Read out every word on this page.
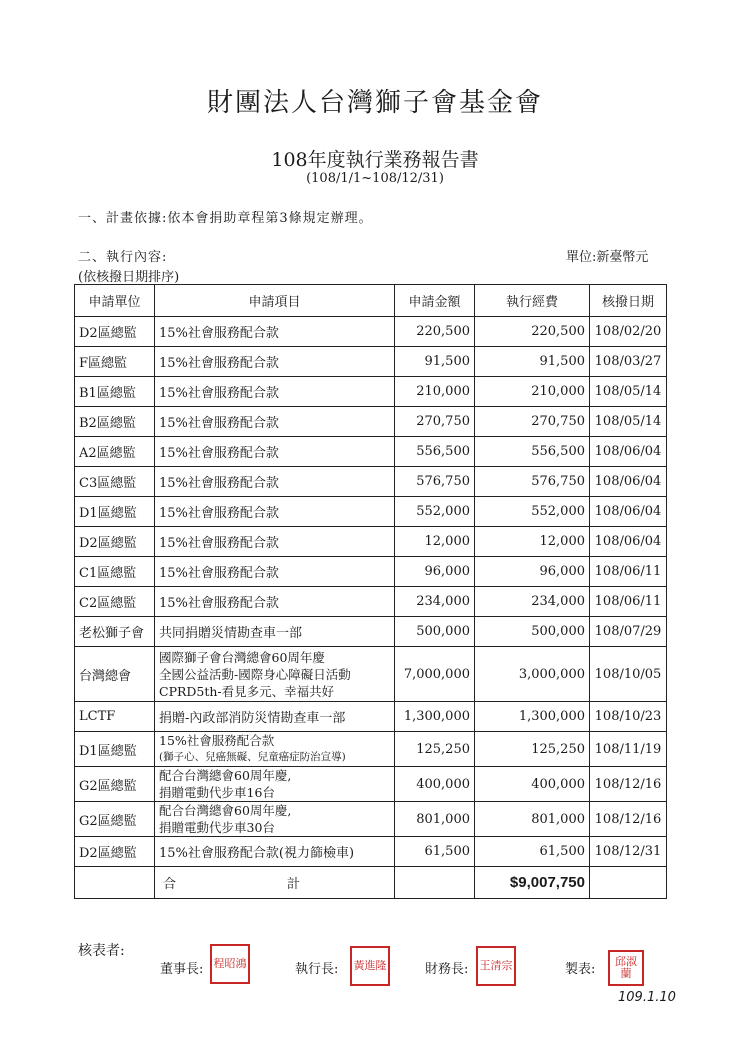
財團法人台灣獅子會基金會
108年度執行業務報告書
(108/1/1~108/12/31)
一、計畫依據:依本會捐助章程第3條規定辦理。
二、執行內容:	單位:新臺幣元
(依核撥日期排序)
申請單位	申請項目	申請金額	執行經費	核撥日期
D2區總監	15%社會服務配合款	220,500	220,500	108/02/20
F區總監	15%社會服務配合款	91,500	91,500	108/03/27
B1區總監	15%社會服務配合款	210,000	210,000	108/05/14
B2區總監	15%社會服務配合款	270,750	270,750	108/05/14
A2區總監	15%社會服務配合款	556,500	556,500	108/06/04
C3區總監	15%社會服務配合款	576,750	576,750	108/06/04
D1區總監	15%社會服務配合款	552,000	552,000	108/06/04
D2區總監	15%社會服務配合款	12,000	12,000	108/06/04
C1區總監	15%社會服務配合款	96,000	96,000	108/06/11
C2區總監	15%社會服務配合款	234,000	234,000	108/06/11
老松獅子會	共同捐贈災情勘查車一部	500,000	500,000	108/07/29
台灣總會	國際獅子會台灣總會60周年慶
全國公益活動-國際身心障礙日活動
CPRD5th-看見多元、幸福共好	7,000,000	3,000,000	108/10/05
LCTF	捐贈-內政部消防災情勘查車一部	1,300,000	1,300,000	108/10/23
D1區總監	15%社會服務配合款
(獅子心、兒癌無礙、兒童癌症防治宣導)	125,250	125,250	108/11/19
G2區總監	配合台灣總會60周年慶,
捐贈電動代步車16台	400,000	400,000	108/12/16
G2區總監	配合台灣總會60周年慶,
捐贈電動代步車30台	801,000	801,000	108/12/16
D2區總監	15%社會服務配合款(視力篩檢車)	61,500	61,500	108/12/31

	合 計		$9,007,750	
核表者:
董事長: 程昭鴻	執行長:	黃進隆	財務長:	王清宗	製表:
邱淑蘭
109.1.10
